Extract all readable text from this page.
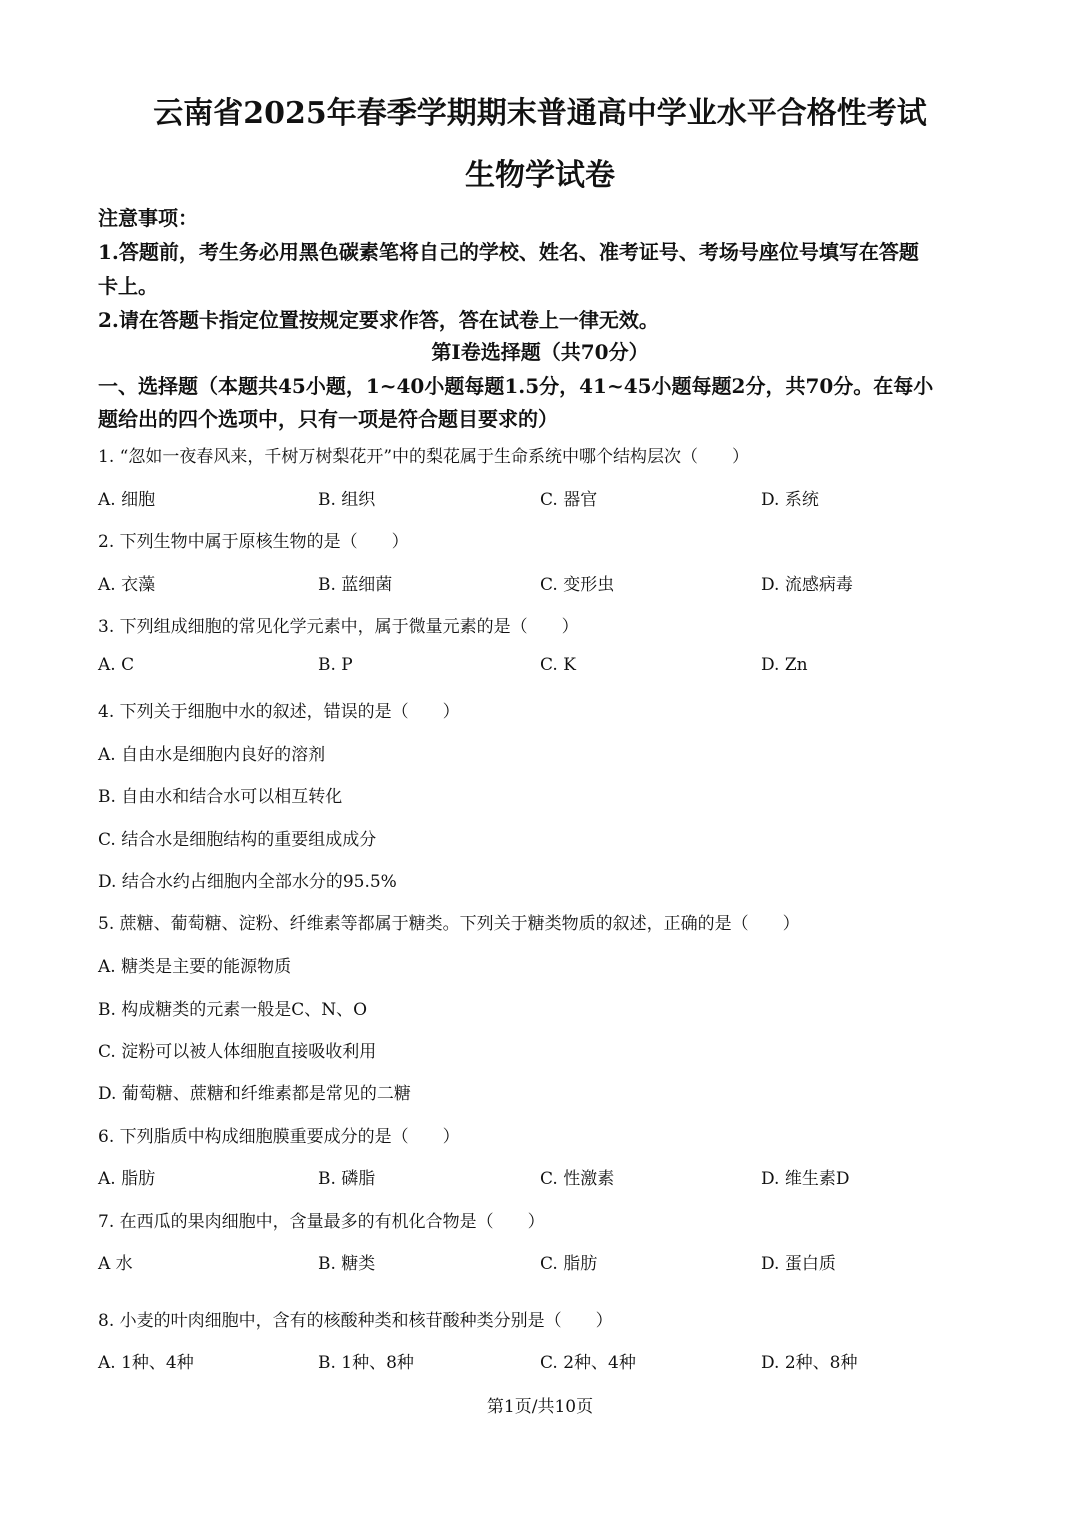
云南省2025年春季学期期末普通高中学业水平合格性考试
生物学试卷
注意事项：
1.答题前，考生务必用黑色碳素笔将自己的学校、姓名、准考证号、考场号座位号填写在答题
卡上。
2.请在答题卡指定位置按规定要求作答，答在试卷上一律无效。
第Ⅰ卷选择题（共70分）
一、选择题（本题共45小题，1~40小题每题1.5分，41~45小题每题2分，共70分。在每小
题给出的四个选项中，只有一项是符合题目要求的）
1. “忽如一夜春风来，千树万树梨花开”中的梨花属于生命系统中哪个结构层次（　　）
A. 细胞	B. 组织	C. 器官	D. 系统
2. 下列生物中属于原核生物的是（　　）
A. 衣藻	B. 蓝细菌	C. 变形虫	D. 流感病毒
3. 下列组成细胞的常见化学元素中，属于微量元素的是（　　）
A. C	B. P	C. K	D. Zn
4. 下列关于细胞中水的叙述，错误的是（　　）
A. 自由水是细胞内良好的溶剂
B. 自由水和结合水可以相互转化
C. 结合水是细胞结构的重要组成成分
D. 结合水约占细胞内全部水分的95.5%
5. 蔗糖、葡萄糖、淀粉、纤维素等都属于糖类。下列关于糖类物质的叙述，正确的是（　　）
A. 糖类是主要的能源物质
B. 构成糖类的元素一般是C、N、O
C. 淀粉可以被人体细胞直接吸收利用
D. 葡萄糖、蔗糖和纤维素都是常见的二糖
6. 下列脂质中构成细胞膜重要成分的是（　　）
A. 脂肪	B. 磷脂	C. 性激素	D. 维生素D
7. 在西瓜的果肉细胞中，含量最多的有机化合物是（　　）
A 水	B. 糖类	C. 脂肪	D. 蛋白质
8. 小麦的叶肉细胞中，含有的核酸种类和核苷酸种类分别是（　　）
A. 1种、4种	B. 1种、8种	C. 2种、4种	D. 2种、8种
第1页/共10页
